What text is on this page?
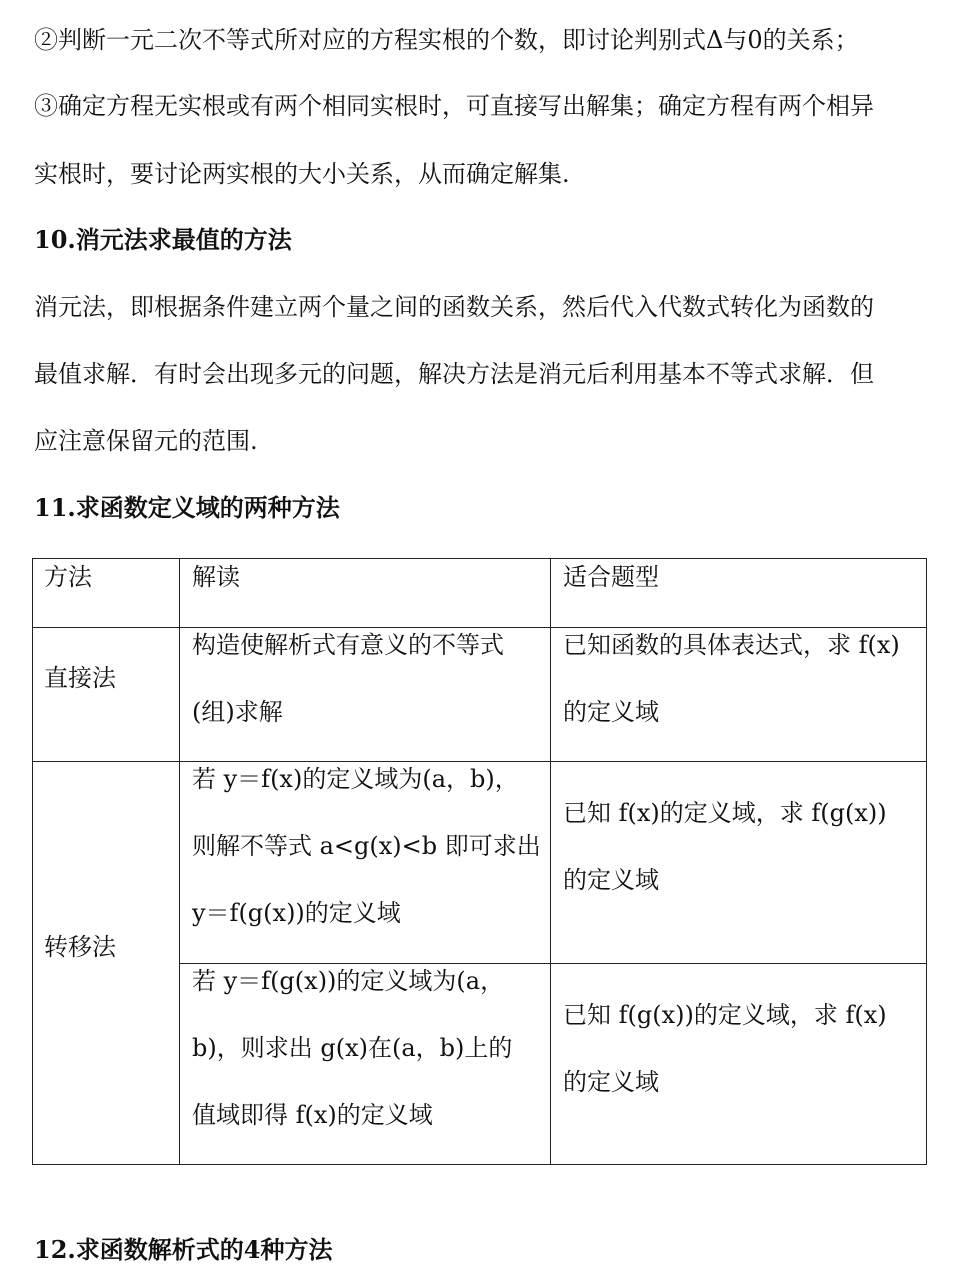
②判断一元二次不等式所对应的方程实根的个数，即讨论判别式Δ与0的关系；
③确定方程无实根或有两个相同实根时，可直接写出解集；确定方程有两个相异
实根时，要讨论两实根的大小关系，从而确定解集.
10.消元法求最值的方法
消元法，即根据条件建立两个量之间的函数关系，然后代入代数式转化为函数的
最值求解．有时会出现多元的问题，解决方法是消元后利用基本不等式求解．但
应注意保留元的范围.
11.求函数定义域的两种方法
方法	解读	适合题型
直接法
构造使解析式有意义的不等式
(组)求解
已知函数的具体表达式，求 f(x)
的定义域
转移法
若 y＝f(x)的定义域为(a，b)，
则解不等式 a<g(x)<b 即可求出
y＝f(g(x))的定义域
已知 f(x)的定义域，求 f(g(x))
的定义域
若 y＝f(g(x))的定义域为(a，
b)，则求出 g(x)在(a，b)上的
值域即得 f(x)的定义域
已知 f(g(x))的定义域，求 f(x)
的定义域
12.求函数解析式的4种方法
